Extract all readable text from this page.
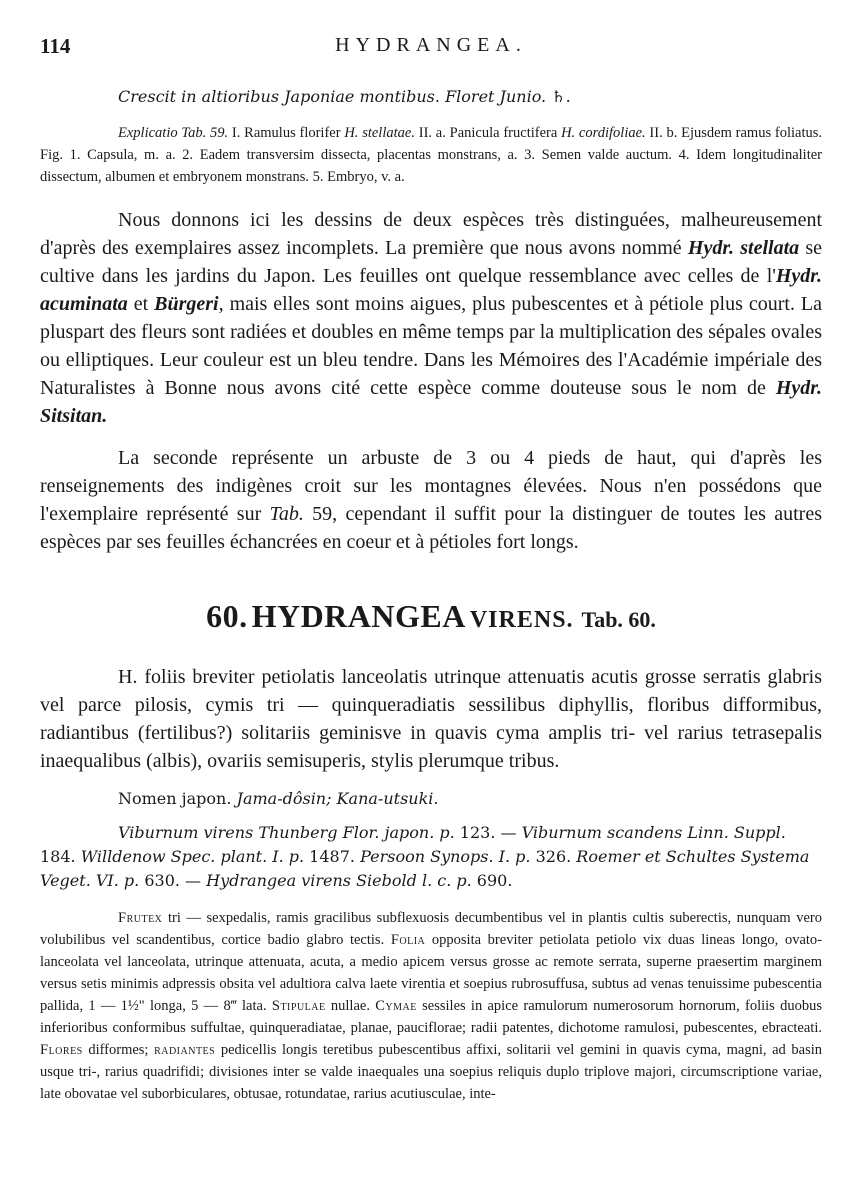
114	HYDRANGEA.

Crescit in altioribus Japoniae montibus. Floret Junio. ♄.

Explicatio Tab. 59. I. Ramulus florifer H. stellatae. II. a. Panicula fructifera H. cordifoliae. II. b. Ejusdem ramus foliatus. Fig. 1. Capsula, m. a. 2. Eadem transversim dissecta, placentas monstrans, a. 3. Semen valde auctum. 4. Idem longitudinaliter dissectum, albumen et embryonem monstrans. 5. Embryo, v. a.

Nous donnons ici les dessins de deux espèces très distinguées, malheureusement d'après des exemplaires assez incomplets. La première que nous avons nommé Hydr. stellata se cultive dans les jardins du Japon. Les feuilles ont quelque ressemblance avec celles de l'Hydr. acuminata et Bürgeri, mais elles sont moins aigues, plus pubescentes et à pétiole plus court. La pluspart des fleurs sont radiées et doubles en même temps par la multiplication des sépales ovales ou elliptiques. Leur couleur est un bleu tendre. Dans les Mémoires des l'Académie impériale des Naturalistes à Bonne nous avons cité cette espèce comme douteuse sous le nom de Hydr. Sitsitan.

La seconde représente un arbuste de 3 ou 4 pieds de haut, qui d'après les renseignements des indigènes croit sur les montagnes élevées. Nous n'en possédons que l'exemplaire représenté sur Tab. 59, cependant il suffit pour la distinguer de toutes les autres espèces par ses feuilles échancrées en coeur et à pétioles fort longs.

60. HYDRANGEA VIRENS. Tab. 60.

H. foliis breviter petiolatis lanceolatis utrinque attenuatis acutis grosse serratis glabris vel parce pilosis, cymis tri — quinqueradiatis sessilibus diphyllis, floribus difformibus, radiantibus (fertilibus?) solitariis geminisve in quavis cyma amplis tri- vel rarius tetrasepalis inaequalibus (albis), ovariis semisuperis, stylis plerumque tribus.

Nomen japon. Jama-dôsin; Kana-utsuki.

Viburnum virens Thunberg Flor. japon. p. 123. — Viburnum scandens Linn. Suppl. 184. Willdenow Spec. plant. I. p. 1487. Persoon Synops. I. p. 326. Roemer et Schultes Systema Veget. VI. p. 630. — Hydrangea virens Siebold l. c. p. 690.

Frutex tri — sexpedalis, ramis gracilibus subflexuosis decumbentibus vel in plantis cultis suberectis, nunquam vero volubilibus vel scandentibus, cortice badio glabro tectis. Folia opposita breviter petiolata petiolo vix duas lineas longo, ovato-lanceolata vel lanceolata, utrinque attenuata, acuta, a medio apicem versus grosse ac remote serrata, superne praesertim marginem versus setis minimis adpressis obsita vel adultiora calva laete virentia et soepius rubrosuffusa, subtus ad venas tenuissime pubescentia pallida, 1 — 1½" longa, 5 — 8‴ lata. Stipulae nullae. Cymae sessiles in apice ramulorum numerosorum hornorum, foliis duobus inferioribus conformibus suffultae, quinqueradiatae, planae, pauciflorae; radii patentes, dichotome ramulosi, pubescentes, ebracteati. Flores difformes; radiantes pedicellis longis teretibus pubescentibus affixi, solitarii vel gemini in quavis cyma, magni, ad basin usque tri-, rarius quadrifidi; divisiones inter se valde inaequales una soepius reliquis duplo triplove majori, circumscriptione variae, late obovatae vel suborbiculares, obtusae, rotundatae, rarius acutiusculae, inte-
